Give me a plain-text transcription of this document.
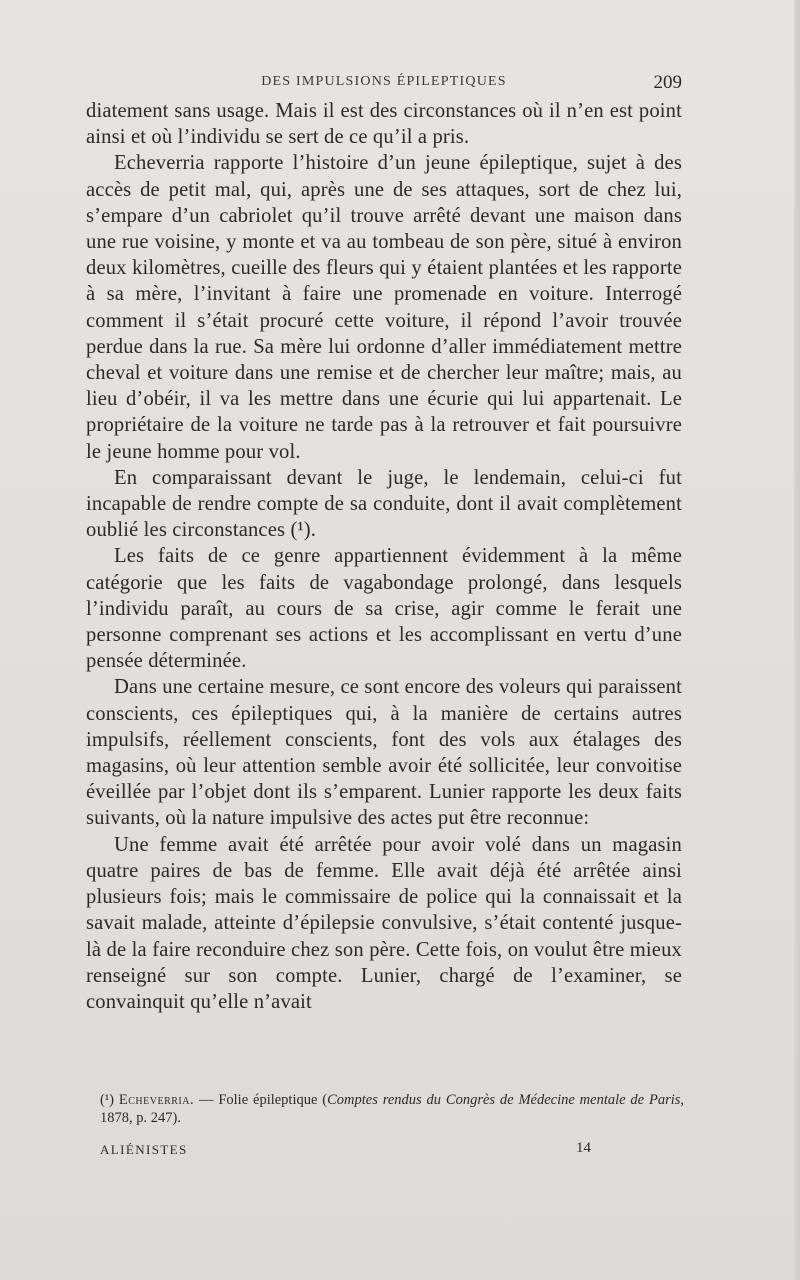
DES IMPULSIONS ÉPILEPTIQUES	209

diatement sans usage. Mais il est des circonstances où il n’en est point ainsi et où l’individu se sert de ce qu’il a pris.

Echeverria rapporte l’histoire d’un jeune épileptique, sujet à des accès de petit mal, qui, après une de ses attaques, sort de chez lui, s’empare d’un cabriolet qu’il trouve arrêté devant une maison dans une rue voisine, y monte et va au tombeau de son père, situé à environ deux kilomètres, cueille des fleurs qui y étaient plantées et les rapporte à sa mère, l’invitant à faire une promenade en voiture. Interrogé comment il s’était procuré cette voiture, il répond l’avoir trouvée perdue dans la rue. Sa mère lui ordonne d’aller immédiatement mettre cheval et voiture dans une remise et de chercher leur maître; mais, au lieu d’obéir, il va les mettre dans une écurie qui lui appartenait. Le propriétaire de la voiture ne tarde pas à la retrouver et fait poursuivre le jeune homme pour vol.

En comparaissant devant le juge, le lendemain, celui-ci fut incapable de rendre compte de sa conduite, dont il avait complètement oublié les circonstances (¹).

Les faits de ce genre appartiennent évidemment à la même catégorie que les faits de vagabondage prolongé, dans lesquels l’individu paraît, au cours de sa crise, agir comme le ferait une personne comprenant ses actions et les accomplissant en vertu d’une pensée déterminée.

Dans une certaine mesure, ce sont encore des voleurs qui paraissent conscients, ces épileptiques qui, à la manière de certains autres impulsifs, réellement conscients, font des vols aux étalages des magasins, où leur attention semble avoir été sollicitée, leur convoitise éveillée par l’objet dont ils s’emparent. Lunier rapporte les deux faits suivants, où la nature impulsive des actes put être reconnue:

Une femme avait été arrêtée pour avoir volé dans un magasin quatre paires de bas de femme. Elle avait déjà été arrêtée ainsi plusieurs fois; mais le commissaire de police qui la connaissait et la savait malade, atteinte d’épilepsie convulsive, s’était contenté jusque-là de la faire reconduire chez son père. Cette fois, on voulut être mieux renseigné sur son compte. Lunier, chargé de l’examiner, se convainquit qu’elle n’avait

(¹) Echeverria. — Folie épileptique (Comptes rendus du Congrès de Médecine mentale de Paris, 1878, p. 247).
ALIÉNISTES	14
